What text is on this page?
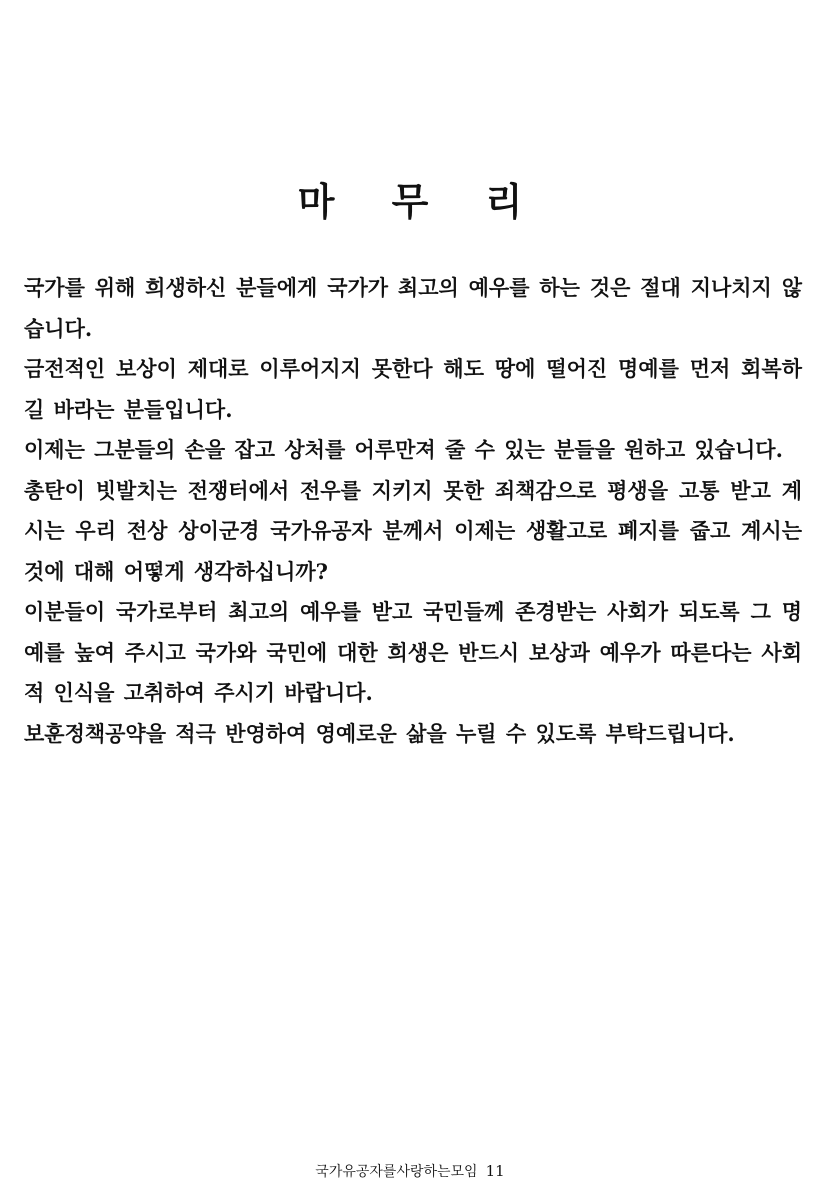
마 무 리

국가를 위해 희생하신 분들에게 국가가 최고의 예우를 하는 것은 절대 지나치지 않습니다.

금전적인 보상이 제대로 이루어지지 못한다 해도 땅에 떨어진 명예를 먼저 회복하길 바라는 분들입니다.

이제는 그분들의 손을 잡고 상처를 어루만져 줄 수 있는 분들을 원하고 있습니다.

총탄이 빗발치는 전쟁터에서 전우를 지키지 못한 죄책감으로 평생을 고통 받고 계시는 우리 전상 상이군경 국가유공자 분께서 이제는 생활고로 폐지를 줍고 계시는 것에 대해 어떻게 생각하십니까?

이분들이 국가로부터 최고의 예우를 받고 국민들께 존경받는 사회가 되도록 그 명예를 높여 주시고 국가와 국민에 대한 희생은 반드시 보상과 예우가 따른다는 사회적 인식을 고취하여 주시기 바랍니다.

보훈정책공약을 적극 반영하여 영예로운 삶을 누릴 수 있도록 부탁드립니다.

국가유공자를사랑하는모임 11
